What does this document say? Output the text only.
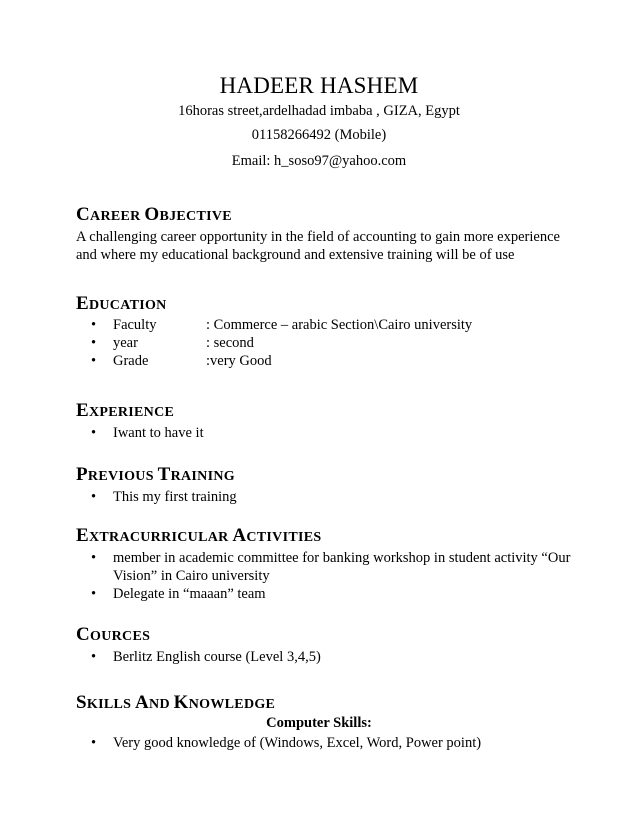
HADEER HASHEM

16horas street,ardelhadad imbaba , GIZA, Egypt

01158266492 (Mobile)

Email: h_soso97@yahoo.com

CAREER OBJECTIVE

A challenging career opportunity in the field of accounting to gain more experience and where my educational background and extensive training will be of use

EDUCATION
• Faculty	: Commerce – arabic Section\Cairo university
• year	: second
• Grade	:very Good
EXPERIENCE
• Iwant to have it
PREVIOUS TRAINING
• This my first training
EXTRACURRICULAR ACTIVITIES
• member in academic committee for banking workshop in student activity “Our Vision” in Cairo university
• Delegate in “maaan” team
COURCES
• Berlitz English course (Level 3,4,5)
SKILLS AND KNOWLEDGE

Computer Skills:

• Very good knowledge of (Windows, Excel, Word, Power point)
